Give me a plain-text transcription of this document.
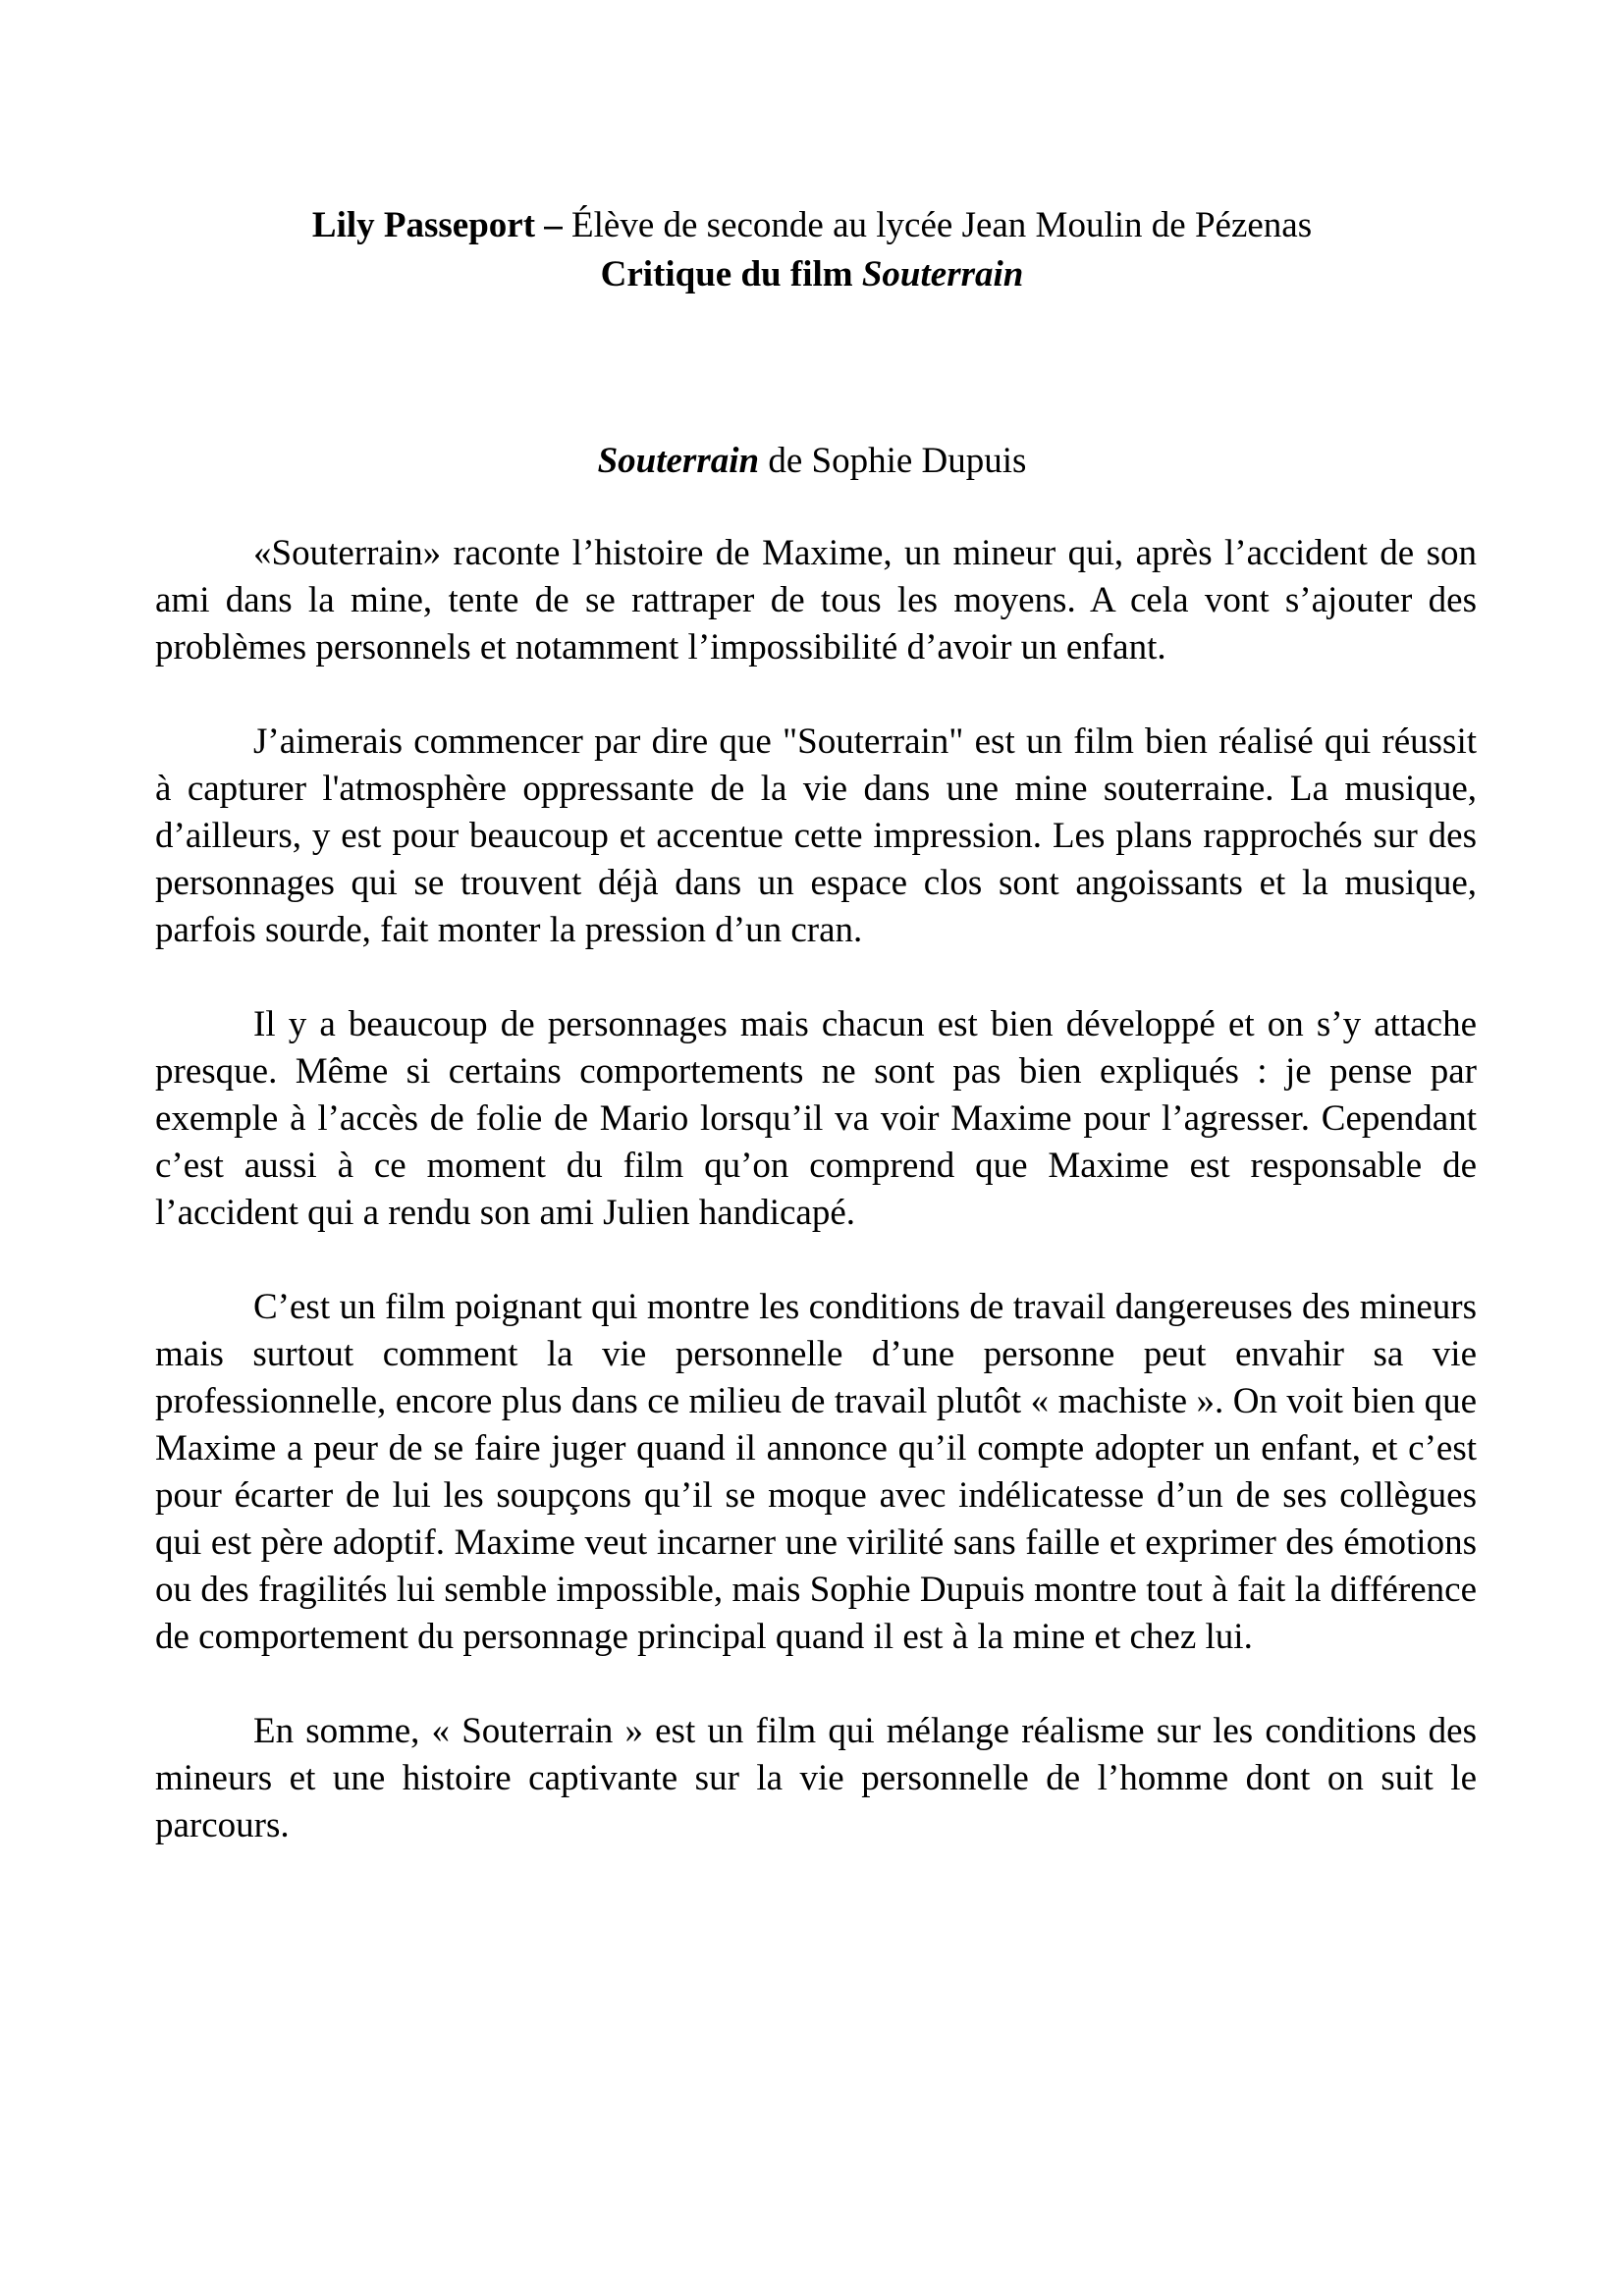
Lily Passeport – Élève de seconde au lycée Jean Moulin de Pézenas
Critique du film Souterrain
Souterrain de Sophie Dupuis

«Souterrain» raconte l’histoire de Maxime, un mineur qui, après l’accident de son ami dans la mine, tente de se rattraper de tous les moyens. A cela vont s’ajouter des problèmes personnels et notamment l’impossibilité d’avoir un enfant.

J’aimerais commencer par dire que "Souterrain" est un film bien réalisé qui réussit à capturer l'atmosphère oppressante de la vie dans une mine souterraine. La musique, d’ailleurs, y est pour beaucoup et accentue cette impression. Les plans rapprochés sur des personnages qui se trouvent déjà dans un espace clos sont angoissants et la musique, parfois sourde, fait monter la pression d’un cran.

Il y a beaucoup de personnages mais chacun est bien développé et on s’y attache presque. Même si certains comportements ne sont pas bien expliqués : je pense par exemple à l’accès de folie de Mario lorsqu’il va voir Maxime pour l’agresser. Cependant c’est aussi à ce moment du film qu’on comprend que Maxime est responsable de l’accident qui a rendu son ami Julien handicapé.

C’est un film poignant qui montre les conditions de travail dangereuses des mineurs mais surtout comment la vie personnelle d’une personne peut envahir sa vie professionnelle, encore plus dans ce milieu de travail plutôt « machiste ». On voit bien que Maxime a peur de se faire juger quand il annonce qu’il compte adopter un enfant, et c’est pour écarter de lui les soupçons qu’il se moque avec indélicatesse d’un de ses collègues qui est père adoptif. Maxime veut incarner une virilité sans faille et exprimer des émotions ou des fragilités lui semble impossible, mais Sophie Dupuis montre tout à fait la différence de comportement du personnage principal quand il est à la mine et chez lui.

En somme, « Souterrain » est un film qui mélange réalisme sur les conditions des mineurs et une histoire captivante sur la vie personnelle de l’homme dont on suit le parcours.
